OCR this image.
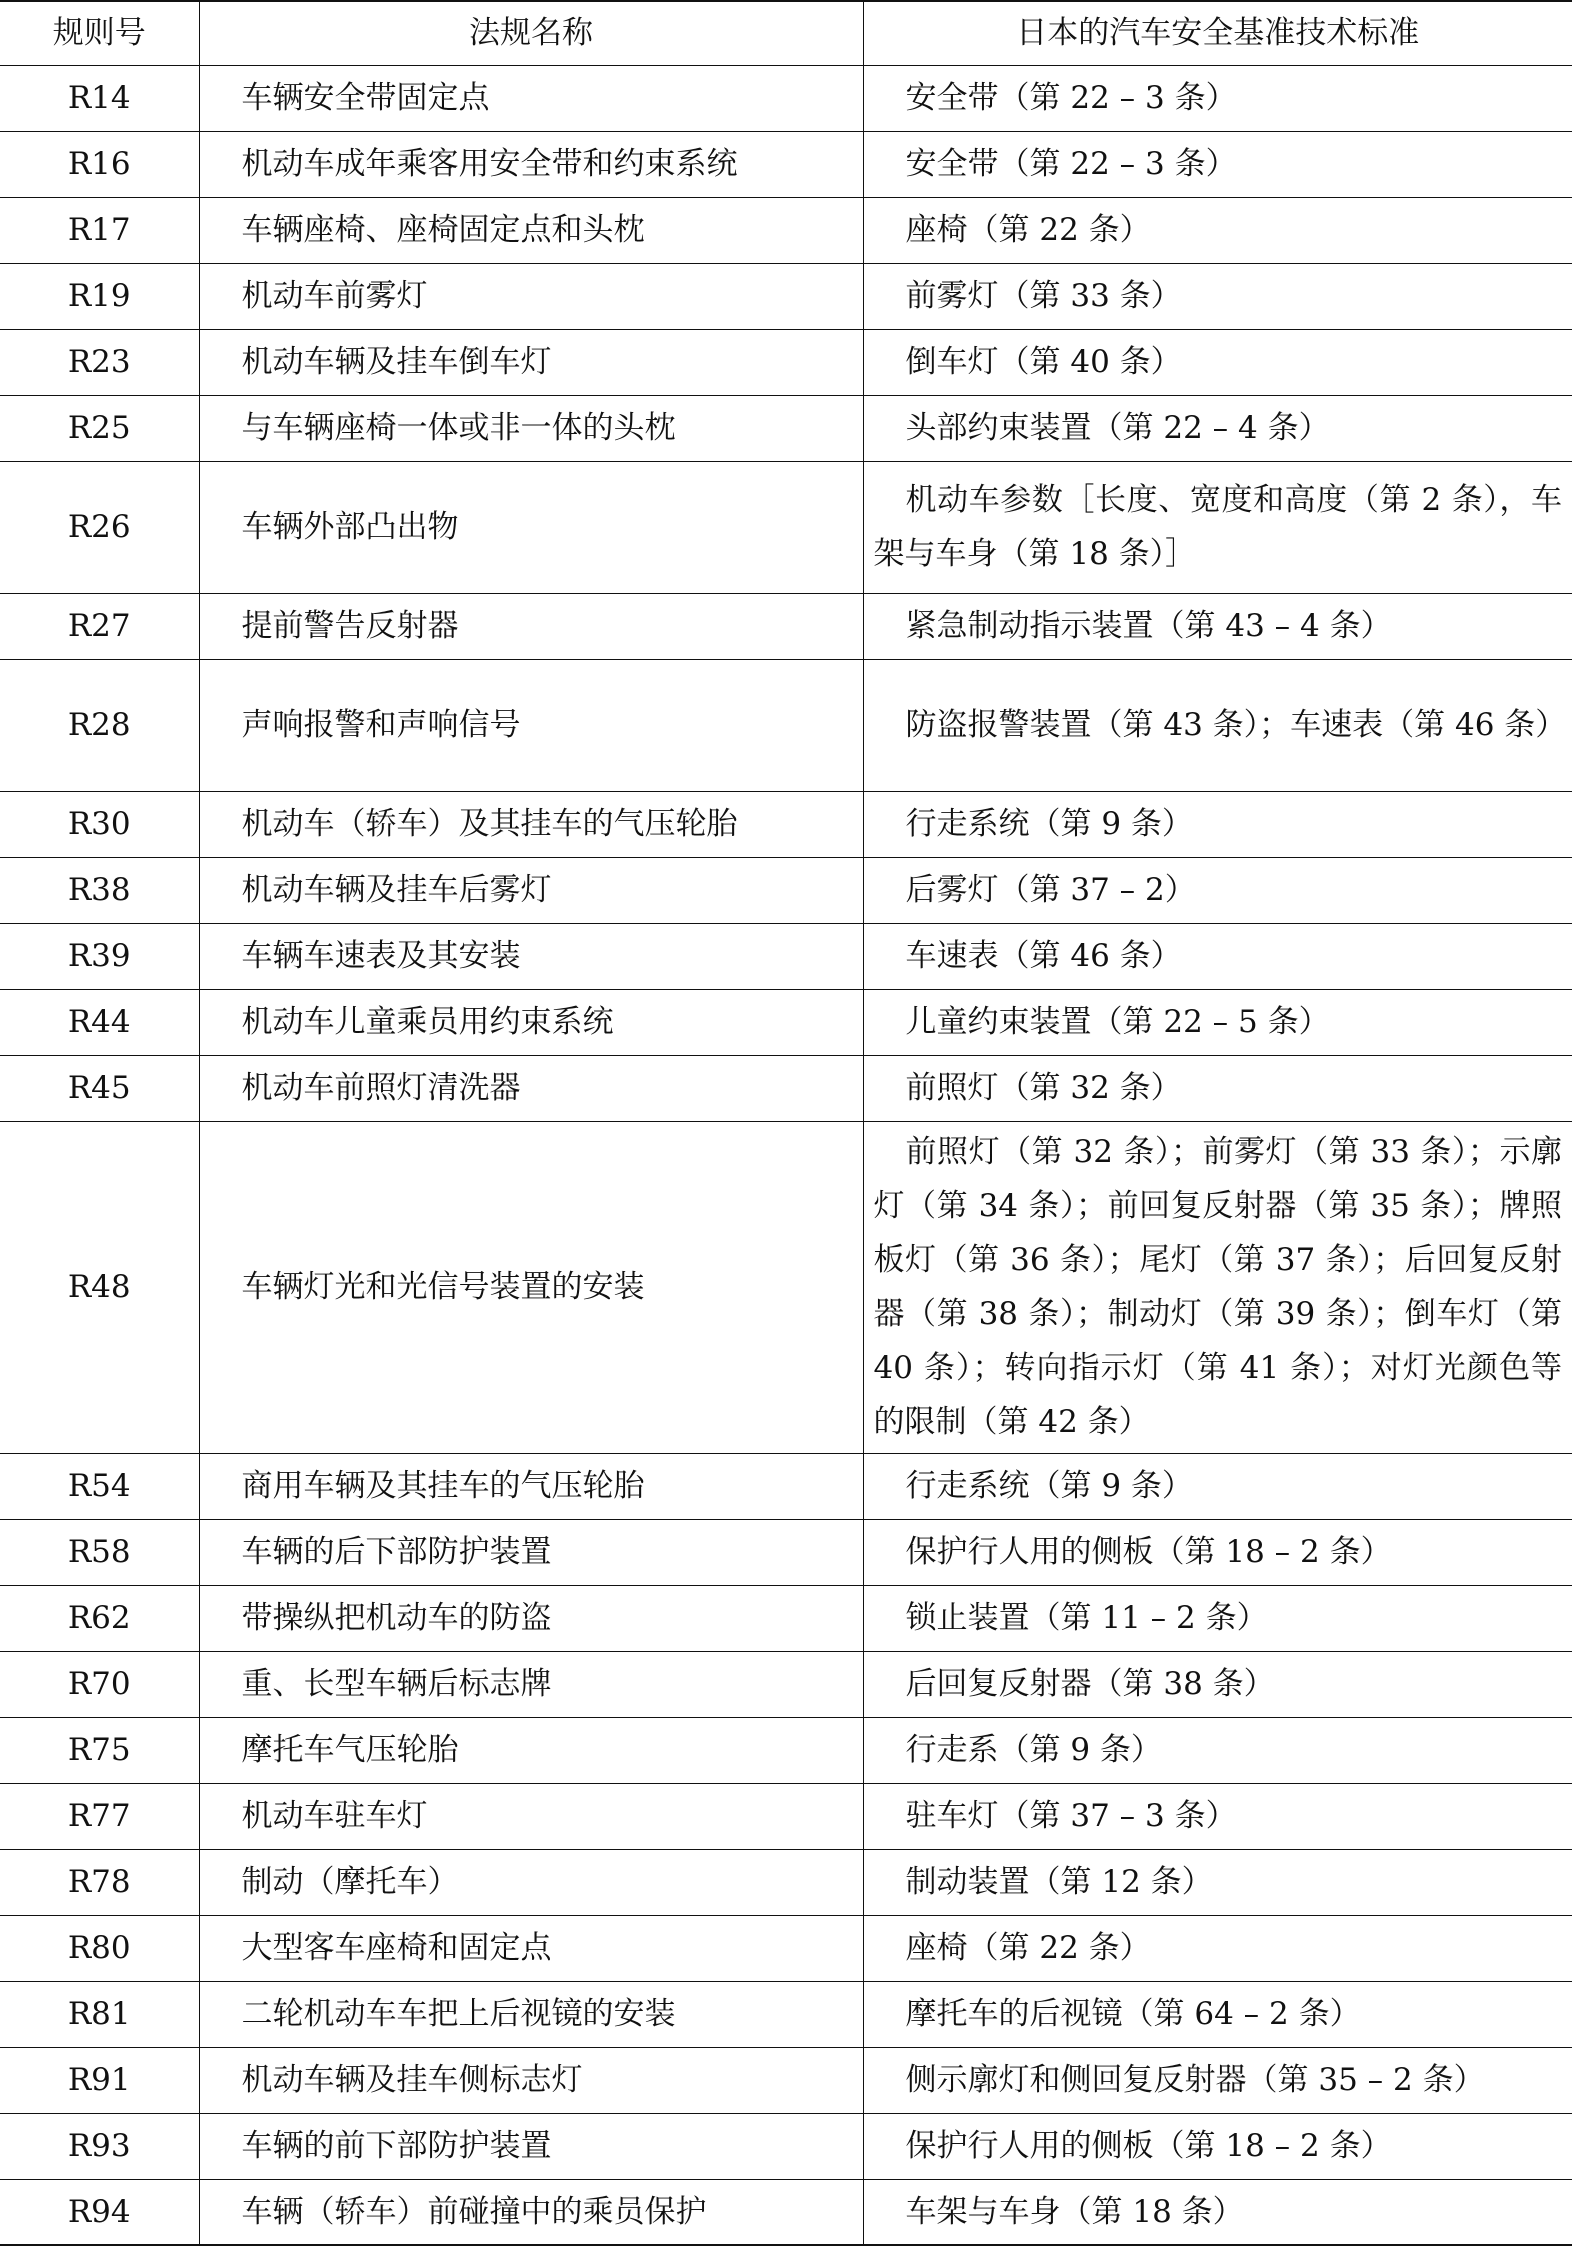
规则号	法规名称	日本的汽车安全基准技术标准
R14	车辆安全带固定点	安全带（第 22 – 3 条）
R16	机动车成年乘客用安全带和约束系统	安全带（第 22 – 3 条）
R17	车辆座椅、座椅固定点和头枕	座椅（第 22 条）
R19	机动车前雾灯	前雾灯（第 33 条）
R23	机动车辆及挂车倒车灯	倒车灯（第 40 条）
R25	与车辆座椅一体或非一体的头枕	头部约束装置（第 22 – 4 条）
R26	车辆外部凸出物	机动车参数［长度、宽度和高度（第 2 条），车架与车身（第 18 条）］
R27	提前警告反射器	紧急制动指示装置（第 43 – 4 条）
R28	声响报警和声响信号	防盗报警装置（第 43 条）；车速表（第 46 条）
R30	机动车（轿车）及其挂车的气压轮胎	行走系统（第 9 条）
R38	机动车辆及挂车后雾灯	后雾灯（第 37 – 2）
R39	车辆车速表及其安装	车速表（第 46 条）
R44	机动车儿童乘员用约束系统	儿童约束装置（第 22 – 5 条）
R45	机动车前照灯清洗器	前照灯（第 32 条）
R48	车辆灯光和光信号装置的安装	前照灯（第 32 条）；前雾灯（第 33 条）；示廓灯（第 34 条）；前回复反射器（第 35 条）；牌照板灯（第 36 条）；尾灯（第 37 条）；后回复反射器（第 38 条）；制动灯（第 39 条）；倒车灯（第 40 条）；转向指示灯（第 41 条）；对灯光颜色等的限制（第 42 条）
R54	商用车辆及其挂车的气压轮胎	行走系统（第 9 条）
R58	车辆的后下部防护装置	保护行人用的侧板（第 18 – 2 条）
R62	带操纵把机动车的防盗	锁止装置（第 11 – 2 条）
R70	重、长型车辆后标志牌	后回复反射器（第 38 条）
R75	摩托车气压轮胎	行走系（第 9 条）
R77	机动车驻车灯	驻车灯（第 37 – 3 条）
R78	制动（摩托车）	制动装置（第 12 条）
R80	大型客车座椅和固定点	座椅（第 22 条）
R81	二轮机动车车把上后视镜的安装	摩托车的后视镜（第 64 – 2 条）
R91	机动车辆及挂车侧标志灯	侧示廓灯和侧回复反射器（第 35 – 2 条）
R93	车辆的前下部防护装置	保护行人用的侧板（第 18 – 2 条）
R94	车辆（轿车）前碰撞中的乘员保护	车架与车身（第 18 条）
